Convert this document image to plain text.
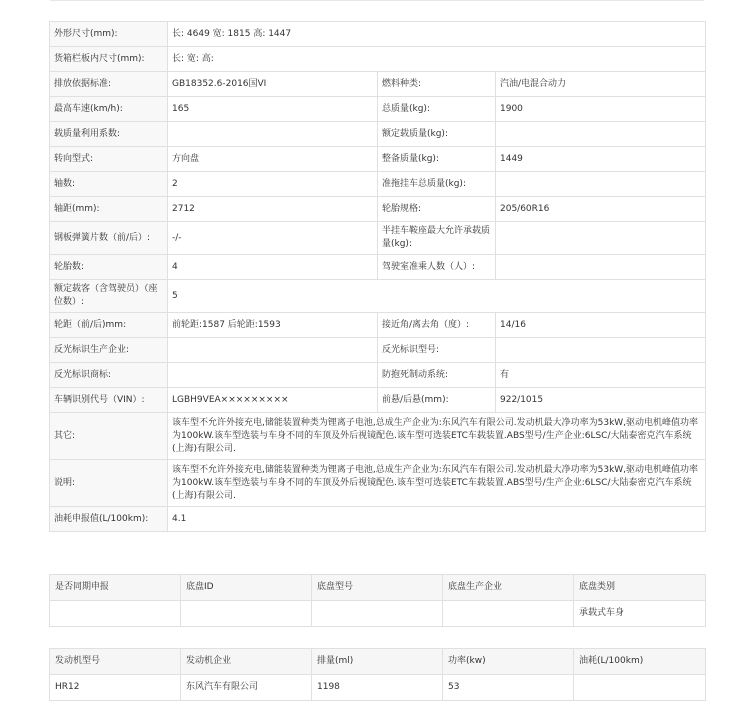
外形尺寸(mm):	长: 4649 宽: 1815 高: 1447		
货箱栏板内尺寸(mm):	长: 宽: 高:		
排放依据标准:	GB18352.6-2016国VI	燃料种类:	汽油/电混合动力
最高车速(km/h):	165	总质量(kg):	1900
载质量利用系数:		额定载质量(kg):	
转向型式:	方向盘	整备质量(kg):	1449
轴数:	2	准拖挂车总质量(kg):	
轴距(mm):	2712	轮胎规格:	205/60R16
钢板弹簧片数（前/后）:	-/-	半挂车鞍座最大允许承载质量(kg):	
轮胎数:	4	驾驶室准乘人数（人）:	
额定载客（含驾驶员）（座位数）:	5		
轮距（前/后)mm:	前轮距:1587 后轮距:1593	接近角/离去角（度）:	14/16
反光标识生产企业:		反光标识型号:	
反光标识商标:		防抱死制动系统:	有
车辆识别代号（VIN）:	LGBH9VEA×××××××××	前悬/后悬(mm):	922/1015
其它:	该车型不允许外接充电,储能装置种类为锂离子电池,总成生产企业为:东风汽车有限公司.发动机最大净功率为53kW,驱动电机峰值功率为100kW.该车型选装与车身不同的车顶及外后视镜配色.该车型可选装ETC车载装置.ABS型号/生产企业:6LSC/大陆泰密克汽车系统(上海)有限公司.		
说明:	该车型不允许外接充电,储能装置种类为锂离子电池,总成生产企业为:东风汽车有限公司.发动机最大净功率为53kW,驱动电机峰值功率为100kW.该车型选装与车身不同的车顶及外后视镜配色.该车型可选装ETC车载装置.ABS型号/生产企业:6LSC/大陆泰密克汽车系统(上海)有限公司.		
油耗申报值(L/100km):	4.1		
是否同期申报	底盘ID	底盘型号	底盘生产企业	底盘类别
				承载式车身
发动机型号	发动机企业	排量(ml)	功率(kw)	油耗(L/100km)
HR12	东风汽车有限公司	1198	53	
